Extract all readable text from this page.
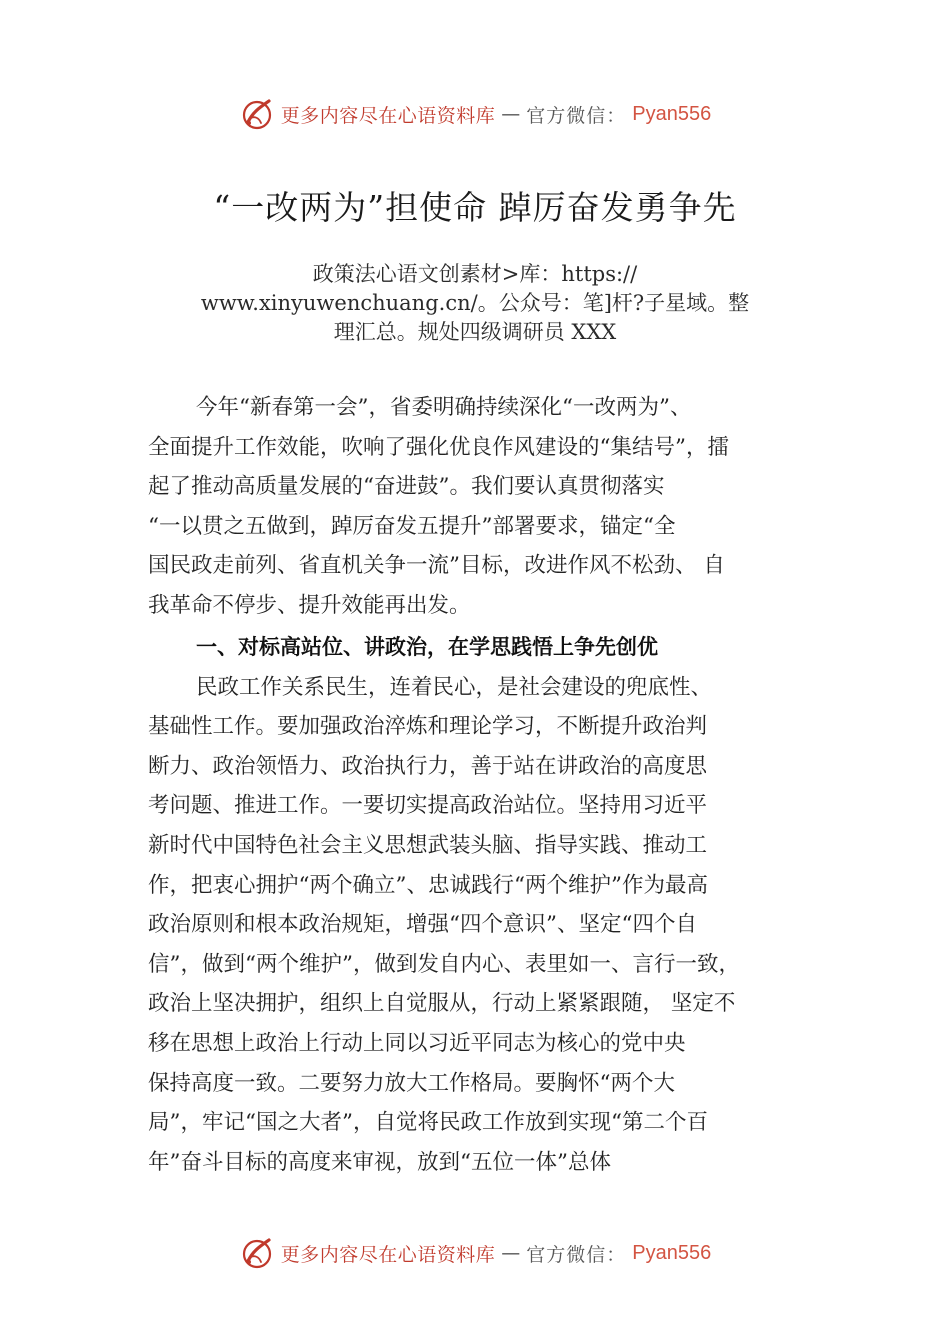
更多内容尽在心语资料库 — 官方微信： Pyan556
“一改两为”担使命 踔厉奋发勇争先
政策法心语文创素材>库：https://
www.xinyuwenchuang.cn/。公众号：笔]杆?子星域。整
理汇总。规处四级调研员 XXX
今年“新春第一会”，省委明确持续深化“一改两为”、
全面提升工作效能，吹响了强化优良作风建设的“集结号”，擂
起了推动高质量发展的“奋进鼓”。我们要认真贯彻落实
“一以贯之五做到，踔厉奋发五提升”部署要求，锚定“全
国民政走前列、省直机关争一流”目标，改进作风不松劲、 自
我革命不停步、提升效能再出发。
一、对标高站位、讲政治，在学思践悟上争先创优
民政工作关系民生，连着民心，是社会建设的兜底性、
基础性工作。要加强政治淬炼和理论学习，不断提升政治判
断力、政治领悟力、政治执行力，善于站在讲政治的高度思
考问题、推进工作。一要切实提高政治站位。坚持用习近平
新时代中国特色社会主义思想武装头脑、指导实践、推动工
作，把衷心拥护“两个确立”、忠诚践行“两个维护”作为最高
政治原则和根本政治规矩，增强“四个意识”、坚定“四个自
信”，做到“两个维护”，做到发自内心、表里如一、言行一致，
政治上坚决拥护，组织上自觉服从，行动上紧紧跟随， 坚定不
移在思想上政治上行动上同以习近平同志为核心的党中央
保持高度一致。二要努力放大工作格局。要胸怀“两个大
局”，牢记“国之大者”，自觉将民政工作放到实现“第二个百
年”奋斗目标的高度来审视，放到“五位一体”总体
更多内容尽在心语资料库 — 官方微信： Pyan556
